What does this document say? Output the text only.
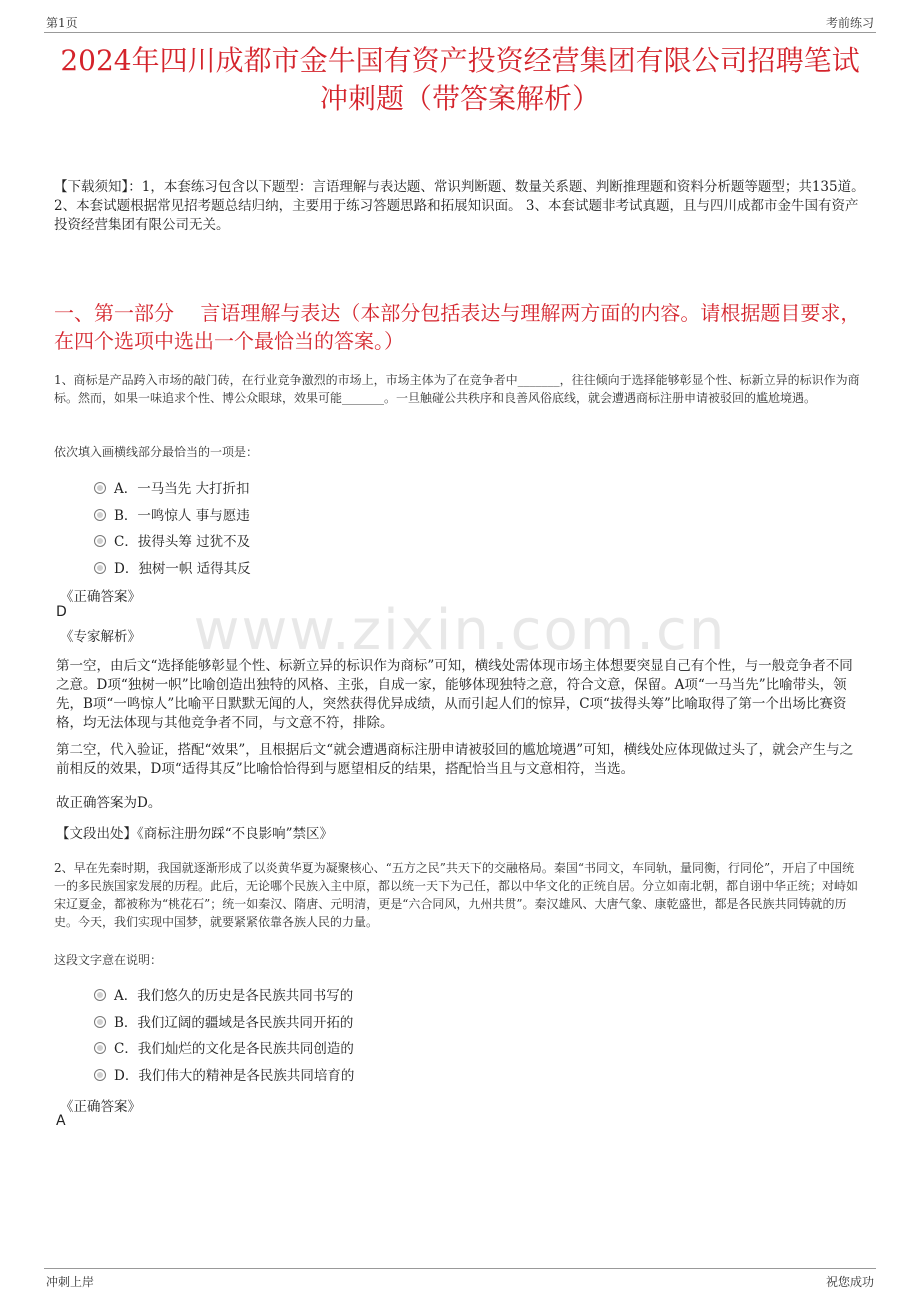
第1页	考前练习
www.zixin.com.cn
2024年四川成都市金牛国有资产投资经营集团有限公司招聘笔试冲刺题（带答案解析）
【下载须知】：1，本套练习包含以下题型：言语理解与表达题、常识判断题、数量关系题、判断推理题和资料分析题等题型；共135道。 2、本套试题根据常见招考题总结归纳，主要用于练习答题思路和拓展知识面。 3、本套试题非考试真题，且与四川成都市金牛国有资产投资经营集团有限公司无关。
一、第一部分　 言语理解与表达（本部分包括表达与理解两方面的内容。请根据题目要求，在四个选项中选出一个最恰当的答案。）
1、商标是产品跨入市场的敲门砖，在行业竞争激烈的市场上，市场主体为了在竞争者中_______，往往倾向于选择能够彰显个性、标新立异的标识作为商标。然而，如果一味追求个性、博公众眼球，效果可能_______。一旦触碰公共秩序和良善风俗底线，就会遭遇商标注册申请被驳回的尴尬境遇。
依次填入画横线部分最恰当的一项是：
A．一马当先 大打折扣
B．一鸣惊人 事与愿违
C．拔得头筹 过犹不及
D．独树一帜 适得其反
《正确答案》
D
《专家解析》
第一空，由后文“选择能够彰显个性、标新立异的标识作为商标”可知，横线处需体现市场主体想要突显自己有个性，与一般竞争者不同之意。D项“独树一帜”比喻创造出独特的风格、主张，自成一家，能够体现独特之意，符合文意，保留。A项“一马当先”比喻带头，领先，B项“一鸣惊人”比喻平日默默无闻的人，突然获得优异成绩，从而引起人们的惊异，C项“拔得头筹”比喻取得了第一个出场比赛资格，均无法体现与其他竞争者不同，与文意不符，排除。
第二空，代入验证，搭配“效果”，且根据后文“就会遭遇商标注册申请被驳回的尴尬境遇”可知，横线处应体现做过头了，就会产生与之前相反的效果，D项“适得其反”比喻恰恰得到与愿望相反的结果，搭配恰当且与文意相符，当选。
故正确答案为D。
【文段出处】《商标注册勿踩“不良影响”禁区》
2、早在先秦时期，我国就逐渐形成了以炎黄华夏为凝聚核心、“五方之民”共天下的交融格局。秦国“书同文，车同轨，量同衡，行同伦”，开启了中国统一的多民族国家发展的历程。此后，无论哪个民族入主中原，都以统一天下为己任，都以中华文化的正统自居。分立如南北朝，都自诩中华正统；对峙如宋辽夏金，都被称为“桃花石”；统一如秦汉、隋唐、元明清，更是“六合同风，九州共贯”。秦汉雄风、大唐气象、康乾盛世，都是各民族共同铸就的历史。今天，我们实现中国梦，就要紧紧依靠各族人民的力量。
这段文字意在说明：
A．我们悠久的历史是各民族共同书写的
B．我们辽阔的疆域是各民族共同开拓的
C．我们灿烂的文化是各民族共同创造的
D．我们伟大的精神是各民族共同培育的
《正确答案》
A
冲刺上岸	祝您成功
